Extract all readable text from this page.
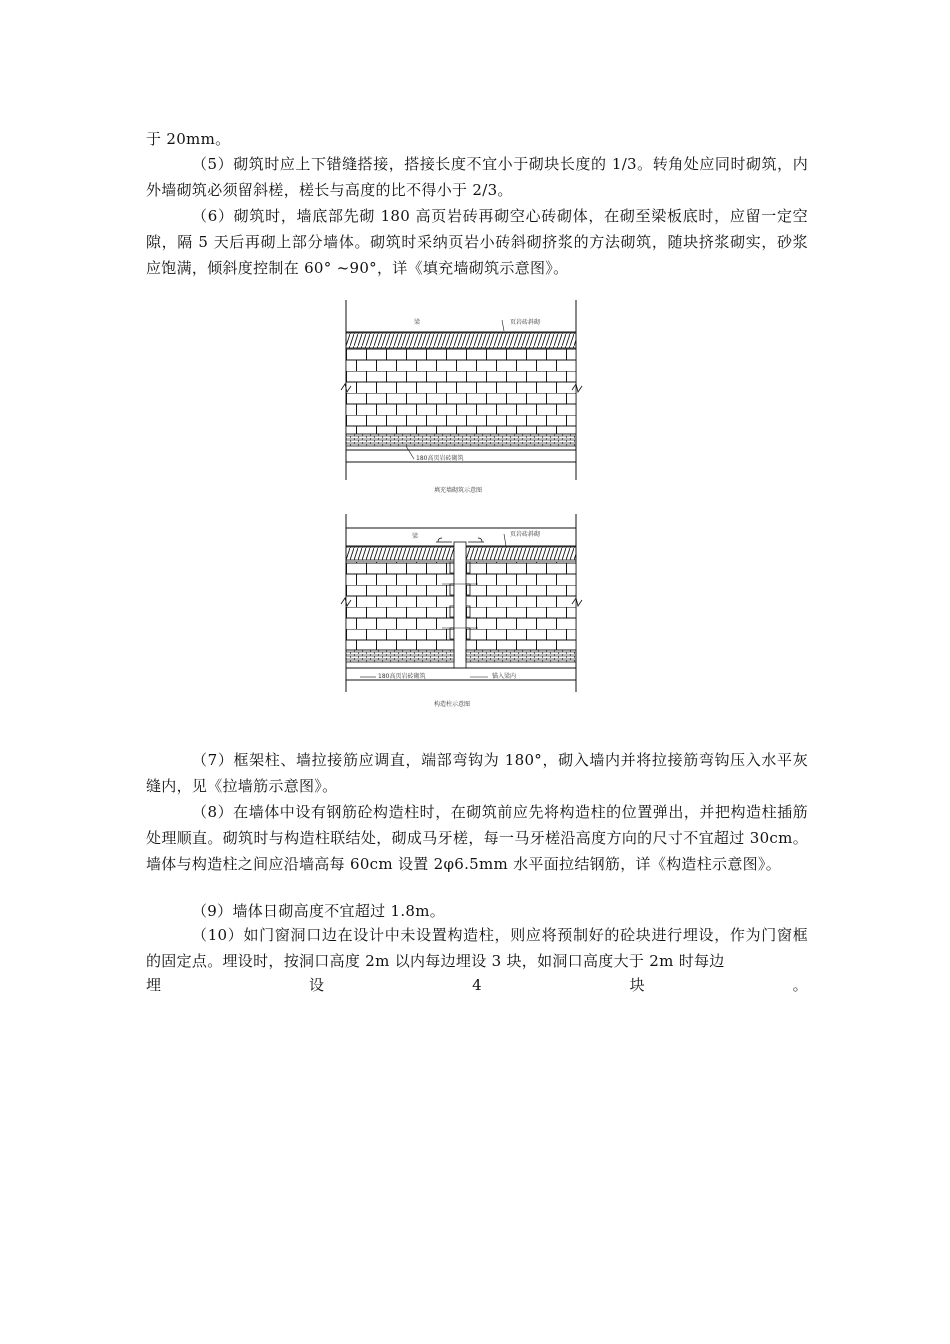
于 20mm。

（5）砌筑时应上下错缝搭接，搭接长度不宜小于砌块长度的 1/3。转角处应同时砌筑，内外墙砌筑必须留斜槎，槎长与高度的比不得小于 2/3。

（6）砌筑时，墙底部先砌 180 高页岩砖再砌空心砖砌体，在砌至梁板底时，应留一定空隙，隔 5 天后再砌上部分墙体。砌筑时采纳页岩小砖斜砌挤浆的方法砌筑，随块挤浆砌实，砂浆应饱满，倾斜度控制在 60° ~90°，详《填充墙砌筑示意图》。

梁	页岩砖斜砌
180高页岩砖砌筑
填充墙砌筑示意图
梁	页岩砖斜砌
180高页岩砖砌筑	锚入梁内
构造柱示意图

（7）框架柱、墙拉接筋应调直，端部弯钩为 180°，砌入墙内并将拉接筋弯钩压入水平灰缝内，见《拉墙筋示意图》。

（8）在墙体中设有钢筋砼构造柱时，在砌筑前应先将构造柱的位置弹出，并把构造柱插筋处理顺直。砌筑时与构造柱联结处，砌成马牙槎，每一马牙槎沿高度方向的尺寸不宜超过 30cm。墙体与构造柱之间应沿墙高每 60cm 设置 2φ6.5mm 水平面拉结钢筋，详《构造柱示意图》。

（9）墙体日砌高度不宜超过 1.8m。

（10）如门窗洞口边在设计中未设置构造柱，则应将预制好的砼块进行埋设，作为门窗框的固定点。埋设时，按洞口高度 2m 以内每边埋设 3 块，如洞口高度大于 2m 时每边

埋	设	4	块	。
